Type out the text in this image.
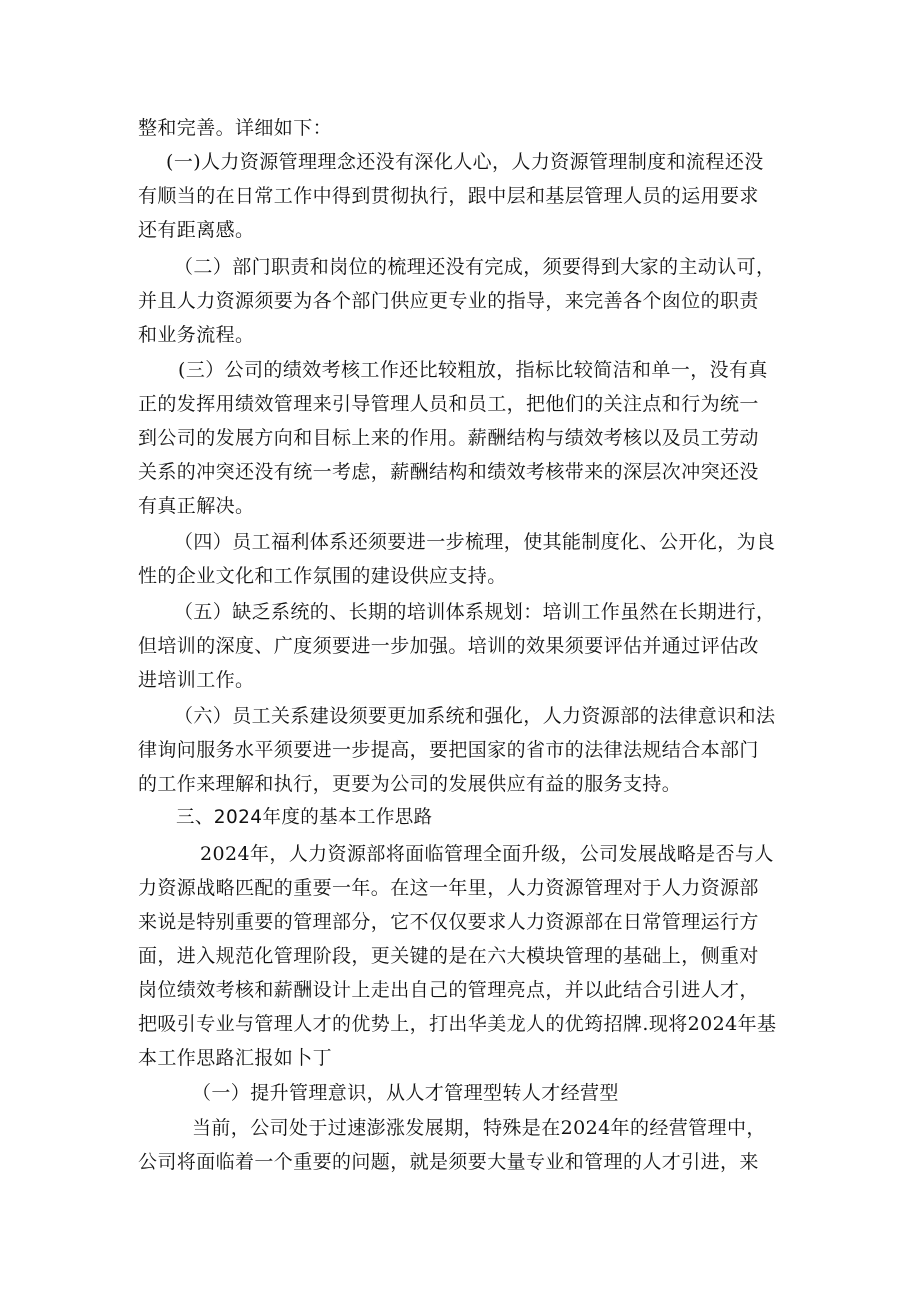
整和完善。详细如下：
(一)人力资源管理理念还没有深化人心，人力资源管理制度和流程还没
有顺当的在日常工作中得到贯彻执行，跟中层和基层管理人员的运用要求
还有距离感。
（二）部门职责和岗位的梳理还没有完成，须要得到大家的主动认可，
并且人力资源须要为各个部门供应更专业的指导，来完善各个囱位的职责
和业务流程。
(三）公司的绩效考核工作还比较粗放，指标比较简洁和单一，没有真
正的发挥用绩效管理来引导管理人员和员工，把他们的关注点和行为统一
到公司的发展方向和目标上来的作用。薪酬结构与绩效考核以及员工劳动
关系的冲突还没有统一考虑，薪酬结构和绩效考核带来的深层次冲突还没
有真正解决。
（四）员工福利体系还须要进一步梳理，使其能制度化、公开化，为良
性的企业文化和工作氛围的建设供应支持。
（五）缺乏系统的、长期的培训体系规划：培训工作虽然在长期进行，
但培训的深度、广度须要进一步加强。培训的效果须要评估并通过评估改
进培训工作。
（六）员工关系建设须要更加系统和强化，人力资源部的法律意识和法
律询问服务水平须要进一步提高，要把国家的省市的法律法规结合本部门
的工作来理解和执行，更要为公司的发展供应有益的服务支持。
三、2024年度的基本工作思路
2024年，人力资源部将面临管理全面升级，公司发展战略是否与人
力资源战略匹配的重要一年。在这一年里，人力资源管理对于人力资源部
来说是特别重要的管理部分，它不仅仅要求人力资源部在日常管理运行方
面，进入规范化管理阶段，更关键的是在六大模块管理的基础上，侧重对
岗位绩效考核和薪酬设计上走出自己的管理亮点，并以此结合引进人才，
把吸引专业与管理人才的优势上，打出华美龙人的优筠招牌.现将2024年基
本工作思路汇报如卜丁
（一）提升管理意识，从人才管理型转人才经营型
当前，公司处于过速澎涨发展期，特殊是在2024年的经营管理中，
公司将面临着一个重要的问题，就是须要大量专业和管理的人才引进，来
